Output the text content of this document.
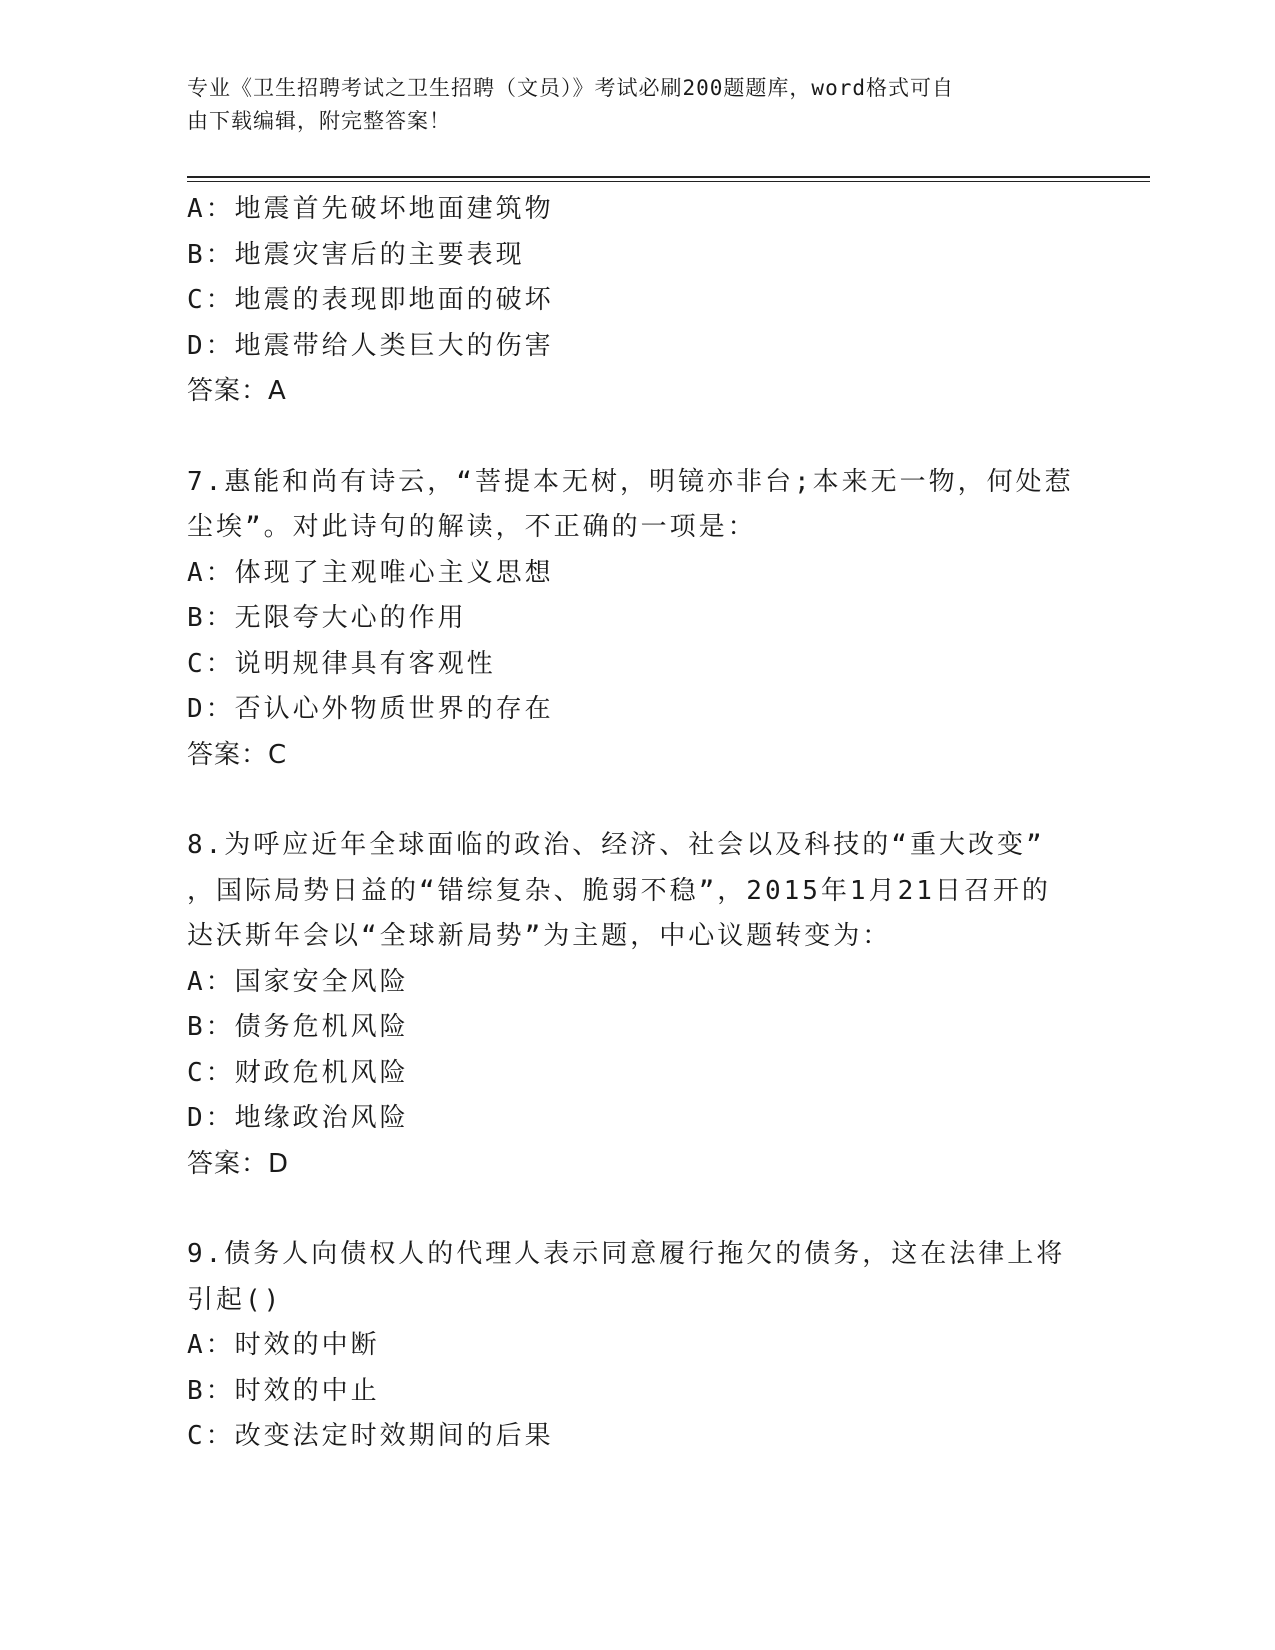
专业《卫生招聘考试之卫生招聘（文员）》考试必刷200题题库，word格式可自
由下载编辑，附完整答案！
A：地震首先破坏地面建筑物
B：地震灾害后的主要表现
C：地震的表现即地面的破坏
D：地震带给人类巨大的伤害
答案：A
7.惠能和尚有诗云，“菩提本无树，明镜亦非台;本来无一物，何处惹
尘埃”。对此诗句的解读，不正确的一项是：
A：体现了主观唯心主义思想
B：无限夸大心的作用
C：说明规律具有客观性
D：否认心外物质世界的存在
答案：C
8.为呼应近年全球面临的政治、经济、社会以及科技的“重大改变”
，国际局势日益的“错综复杂、脆弱不稳”，2015年1月21日召开的
达沃斯年会以“全球新局势”为主题，中心议题转变为：
A：国家安全风险
B：债务危机风险
C：财政危机风险
D：地缘政治风险
答案：D
9.债务人向债权人的代理人表示同意履行拖欠的债务，这在法律上将
引起()
A：时效的中断
B：时效的中止
C：改变法定时效期间的后果
